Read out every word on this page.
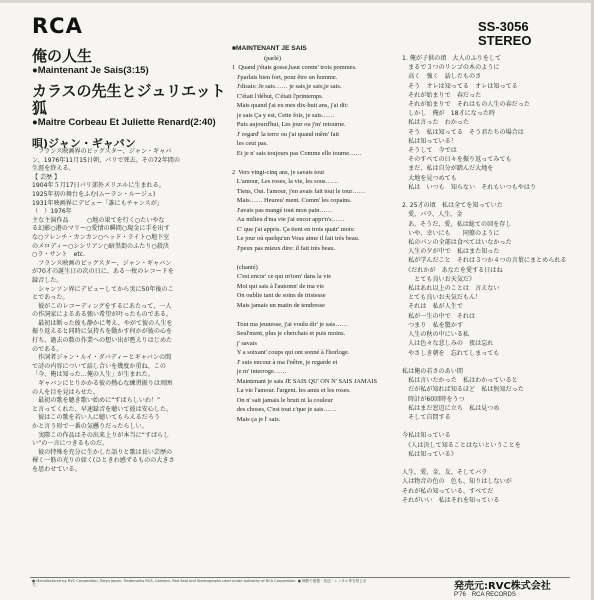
RCA	SS-3056
STEREO

俺の人生

●Maintenant Je Sais(3:15)

カラスの先生とジュリエット狐

●Maitre Corbeau Et Juliette Renard(2:40)

唄)ジャン・ギャバン
　フランス映画界のビッグスター、ジャン・ギャバ
ン、1976年11月15日朝、パリで死去。その72年間の
生涯を終える。
【 芸歴 】
1904年５月17日パリ郊外メリエルに生まれる。
1925年初の舞台をふむ(ムーラン・ルージュ)
1931年映画界にデビュー「誰にもチャンスが」
（　）1976年
主な主演作品　　　○地の果てを行く○たいやな
る幻影○港のマリー○愛情の瞬間○現金に手を出す
な○フレンチ・カンカン○ヘッド・ライト○地下室
のメロディー○シシリアン○暗黒街のふたり○殺決
○ラ・サント　etc.
　フランス映画のビッグスター、ジャン・ギャバン
が70才の誕生日の次の日に、ある一枚のレコードを
録音した。
　シャンソン界にデビューしてから実に50年後のこ
とであった。
　彼がこのレコーディングをするにあたって、一人
の作詞家によるある強い希望が叶ったものである。
　最初は断った彼も静かに考え、やがて彼の人生を
振り返えると同時に気持ちを動かす何かが彼の心を
打ち、過去の数の作業への想い出が甦えりはじめた
のである。
　作詞者ジャン・ルイ・ダバディーとギャバンの間
で詩の内容について話し合いを幾度か重ね、この
「今、俺は知った…俺の人生」が生まれた。
　ギャバンにとりかかる彼の熱心な練習振りは周囲
の人を目を見はらせた。
　最初の歌を聴き歌い始めに“すばらしいわ！”
と言ってくれた、早速録音を聴いて彼は安心した。
　彼はこの歌を若い人に聴いてもらえるだろう
かと言う形で一番の気懸りだったらしい。
　実際この作品はその出来上りが本当に“すばらし
い”の一言につきるものだ。
　彼の特殊を充分に生かした語りと歌は長い芸歴の
裸く一筋の光りの如く(ひときわ感ずるものの大きさ
を思わせている。
■MAINTENANT JE SAIS
(parlé)
1  Quand j'étais gosse,haut comm' trois pommes.
J'parlais bien fort, pour être un homme.
J'disais: Je sais…… je sais,je sais,je sais.
C'était l'début, C'était l'printemps.
Mais quand j'ai eu mes dix-huit ans, j'ai dit:
je sais Ça y est, Cette fois, je sais……
Puis aujourd'hui, Les jour ou j'm' retourne.
J' regard' la terre ou j'ai quand mêm' fait
les ceut pas.
Et je n' sais toujours pas Comme elle tourne……

2  Vers vingt-cinq ans, je savais tout
L'amour, Les roses, la vie, les sous……
Tiens, Oui. l'amour, j'en avais fait tout le tour……
Mais…… Heureu' ment. Comm' les copains.
J'avais pas mangé tout mon pain……
Au milieu d'ma vie j'ai encor appr'n's……
C' que j'ai appris. Ça tient en trois quatr' mots:
Le jour où quelqu'un Vous aime il fait très beau.
J'peux pas mieux dire: il fait très beau.

(chanté)
C'est encor' ce qui m'tom' dans la vie
Moi qui sais à l'automn' de ma vie
On oublie tant de soins de tristesse
Mais jamais un matin de tendresse

Tout ma jeunesse, j'ai voulu dir' je sais……
Seul'ment, plus je cherchais et puis moins.
j' savais
Y a soixant' coups qui ont sonné à l'horloge.
J' suis encour à ma f'nêtre, je regarde et
je m' interroge……
Maintenant je sais JE SAIS QU' ON N' SAIS JAMAIS
La vie l'amour. l'argent. les amis et les roses.
On n' sait jamais le bruit ni la couleur
des choses, C'est tout c'que je sais……
Mais ça je l' sais.
1. 俺が子供の頃　大人のふりをして
　まるで３つのリンゴの木のように
　高く　強く　話したものさ
　そう　オレは知ってる　オレは知ってる
　それが始まりで　春だった
　それが始まりで　それはもの人生の春だった
　しかし　俺が　18才になった時
　私は言った　わかった
　そう　私は知ってる　そう君たちの場合は
　私は知っている！
　そうして　今では
　そのすべての日々を振り返ってみても
　まだ、私は自分が踏んだ大地を
　大地を見つめても
　私は　いつも　知らない　それもいつもやはり

2. 25才の頃　私は全てを知っていた
　愛、バラ、人生、金
　あ、そうだ、愛、私は総ての回を存し
　いや、幸いにも　　同僚のように
　私のパンの全部は食べてはいなかった
　人生の夕が中で　私はまた知った
　私が学んだこと　それは３つか４つの言葉にまとめられる
　《だれかが　あなたを愛する日はね
　　とても良いお天気だ》
　私はあれ以上のことは　言えない
　とても良いお天気だもん！
　それは　私が人生で
　私が一生の中で　それは
　つまり　私を驚かす
　人生の秋の中にいる私
　人は色々な悲しみの　夜は忘れ
　やさしき朝を　忘れてしまっても

私は俺の若さのあい間
　私は言いたかった　私はわかっていると
　だが私が知れば知るほど　私は無知だった
　時計が60回時をうつ
　私はまだ窓辺に立ち　私は見つめ
　そして自問する

今私は知っている
　《人は決して知ることはないということを
　私は知っている》

人生、愛、金、友、そしてバラ
人は物音の色の　色も、知りはしないが
それが私の知っている、すべてだ
それがいい　私はそれを知っている
● Manufactured by RVC Corporation, Tokyo Japan. Trademarks RCA, Camden, Red Seal and Stereographs used under authority of RCA Corporation. ● 無断で複製・放送・レンタル等を禁じます。	発売元:RVC株式会社
P'76　RCA RECORDS
